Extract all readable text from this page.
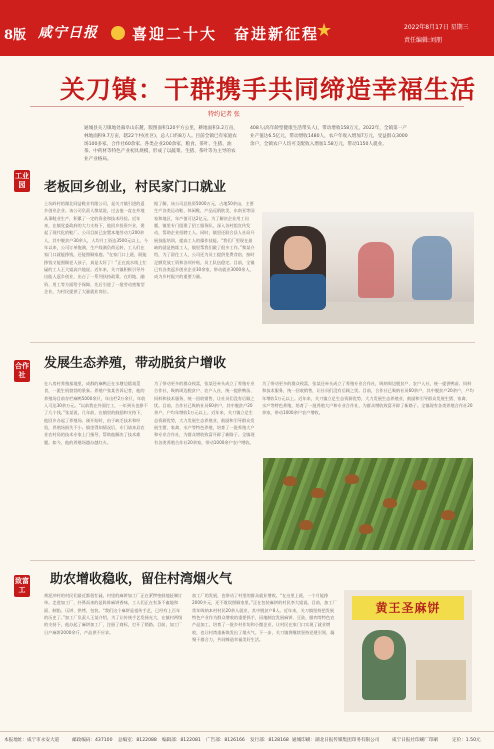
8版 咸宁日报 喜迎二十大　奋进新征程
★	2022年8月17日 星期三
责任编辑:刘朋
关刀镇：干群携手共同缔造幸福生活
特约记者 张
通城县关刀镇地处幕阜山东麓，版图面积120平方公里，耕地面积3.2万亩，林地面积9.7万亩，辖22个村(社区)，总人口约8万人。目前全镇已有家庭农场100多家、合作社60余家、各类企业200余家，粮食、茶叶、生猪、油茶、中药材等特色产业初具规模，形成了以蔬菜、生猪、茶叶等为主导的农业产业格局。
408人(高年龄型健康生活带头人)，带动增收158万元，2022年，全镇第一产业产值达6.5亿元，带动增收1480人，农户年收入增加7万元，受益群众3000余户，全镇农户人均可支配收入增加1.58万元，带动1150人就业。
工业园	老板回乡创业，村民家门口就业
上坑岭村的湖北同益鞋业有限公司，是关刀镇引进的返乡创业企业。该公司负责人黎某说，过去他一直在外地从事鞋业生产，积累了一定的资金和技术经验。近年来，在镇党委政府的大力支持下，他回乡投资兴业，建起了现代化的鞋厂。公司目前已安置本地劳动力200余人，其中脱贫户30余人，人均月工资达3500元以上。今年以来，公司订单饱满，生产线满负荷运转，工人们在家门口就能挣钱，还能照顾家庭。“在家门口上班，既能挣钱又能照顾老人孩子，真是太好了！”正在流水线上忙碌的工人王大姐高兴地说。近年来，关刀镇积极引导外出能人返乡创业，出台了一系列扶持政策，在用地、融资、用工等方面给予保障，先后引进了一批劳动密集型企业，为村民提供了大量就业岗位。
据了解，该公司总投资5000万元，占地50余亩，主要生产各类运动鞋、休闲鞋，产品远销欧美、东南亚等国家和地区，年产值可达2亿元。为了解决企业用工问题，镇里专门组建了招工服务队，深入各村组宣传发动，帮助企业招聘工人。同时，镇里还联合县人社局开展技能培训，提高工人的操作技能。“我们厂里现在最缺的就是熟练工人，镇里帮我们做了很多工作。”黎某介绍，为了留住工人，公司还为员工提供免费食宿，按时足额发放工资和各项补贴，员工队伍稳定。目前，全镇已有各类返乡创业企业30余家，带动就业3000余人，成为乡村振兴的重要力量。
合作社
发展生态养殖，带动脱贫户增收
在八房村养殖基地里，成群的麻鸭正在水塘边嬉戏觅食，一派生机勃勃的景象。养殖户张某告诉记者，他的养殖场目前存栏麻鸭5000余只，年出栏2万余只，年收入可达30余万元。“以前我在外面打工，一年到头也挣不了几个钱。”张某说，几年前，在镇里的鼓励和支持下，他回乡办起了养殖场。刚开始时，由于缺乏技术和经验，养殖场损失不小。镇里得知情况后，专门请来县农业农村局的技术专家上门指导，帮助他解决了技术难题。如今，他的养殖场越办越红火。
为了带动更多的群众致富，张某还牵头成立了养殖专业合作社，吸纳周边脱贫户、农户入社，统一提供鸭苗、饲料和技术服务，统一回收销售，让社员们没有后顾之忧。目前，合作社已吸纳社员60余户，其中脱贫户20余户，户均年增收1万元以上。近年来，关刀镇立足生态资源优势，大力发展生态养殖业，鼓励和引导群众发展生猪、家禽、水产等特色养殖，培育了一批养殖大户和专业合作社，为群众增收致富开辟了新路子。全镇现有各类养殖合作社20余家，带动1000余户农户增收。
为了带动更多的群众致富，张某还牵头成立了养殖专业合作社，吸纳周边脱贫户、农户入社，统一提供鸭苗、饲料和技术服务，统一回收销售，让社员们没有后顾之忧。目前，合作社已吸纳社员60余户，其中脱贫户20余户，户均年增收1万元以上。近年来，关刀镇立足生态资源优势，大力发展生态养殖业，鼓励和引导群众发展生猪、家禽、水产等特色养殖，培育了一批养殖大户和专业合作社，为群众增收致富开辟了新路子。全镇现有各类养殖合作社20余家，带动1000余户农户增收。
致富工
助农增收稳收，留住村湾烟火气
黄泥冲村的村民们最近都很忙碌，村里的麻饼加工厂正在紧锣密鼓地赶制订单。走进加工厂，扑鼻而来的是阵阵麻饼香味，工人们正在有条不紊地和面、制馅、压饼、烘烤、包装。“我们这个麻饼是祖传手艺，已经有上百年的历史了。”加工厂负责人王某介绍，为了让传统手艺发扬光大，在镇村两级的支持下，他办起了麻饼加工厂，注册了商标，打开了销路。目前，加工厂日产麻饼2000余斤，产品供不应求。
加工厂的发展，也带动了村里的群众就业增收。“在这里上班，一个月能挣2000多元，还不耽误照顾家里。”正在包装麻饼的村民李大姐说。目前，加工厂常年吸纳本村村民20余人就业，其中脱贫户8人。近年来，关刀镇坚持把发展特色产业作为群众增收的重要抓手，因地制宜发展麻饼、豆豉、腊肉等特色农产品加工，培育了一批乡村作坊和小微企业，让村民在家门口实现了就业增收，也让村湾重新焕发出了烟火气。下一步，关刀镇将继续坚持党建引领，凝聚干群合力，共同缔造幸福美好生活。
黄王圣麻饼
本报地址：咸宁市永安大道	邮政编码：437100 总编室：8122088 编辑部：8122081 广告部：8126166 发行部：8128168 通城印刷：湖北日报传媒集团印务有限公司	咸宁日报社印刷厂印刷	定价：1.50元
